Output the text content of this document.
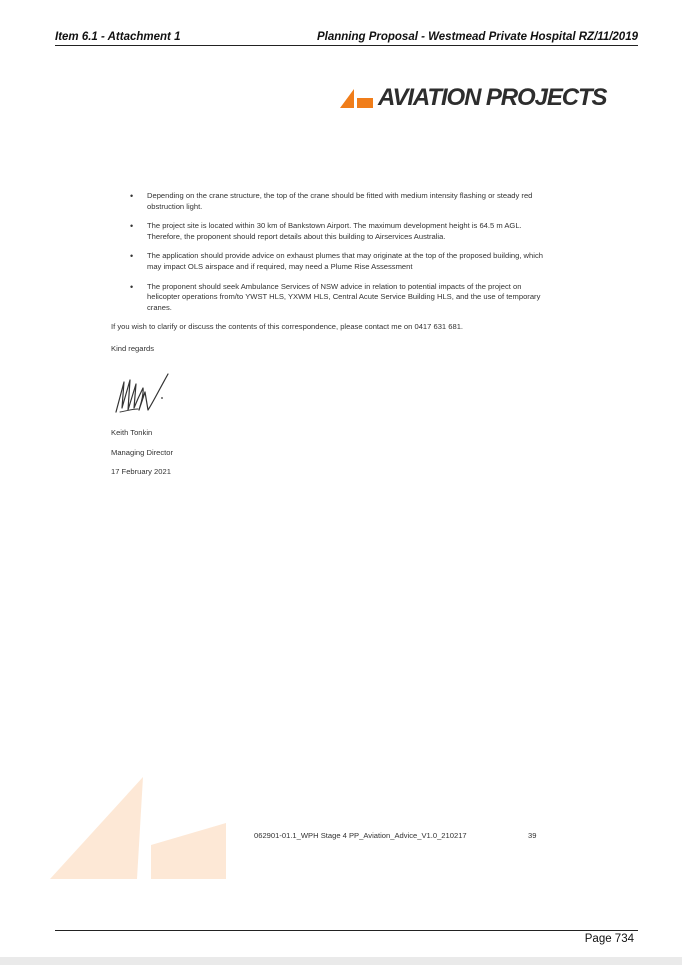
Item 6.1 - Attachment 1	Planning Proposal - Westmead Private Hospital RZ/11/2019
AVIATION PROJECTS
• Depending on the crane structure, the top of the crane should be fitted with medium intensity flashing or steady red obstruction light.
• The project site is located within 30 km of Bankstown Airport. The maximum development height is 64.5 m AGL. Therefore, the proponent should report details about this building to Airservices Australia.
• The application should provide advice on exhaust plumes that may originate at the top of the proposed building, which may impact OLS airspace and if required, may need a Plume Rise Assessment
• The proponent should seek Ambulance Services of NSW advice in relation to potential impacts of the project on helicopter operations from/to YWST HLS, YXWM HLS, Central Acute Service Building HLS, and the use of temporary cranes.

If you wish to clarify or discuss the contents of this correspondence, please contact me on 0417 631 681.

Kind regards

Keith Tonkin
Managing Director
17 February 2021
062901-01.1_WPH Stage 4 PP_Aviation_Advice_V1.0_210217	39
Page 734
